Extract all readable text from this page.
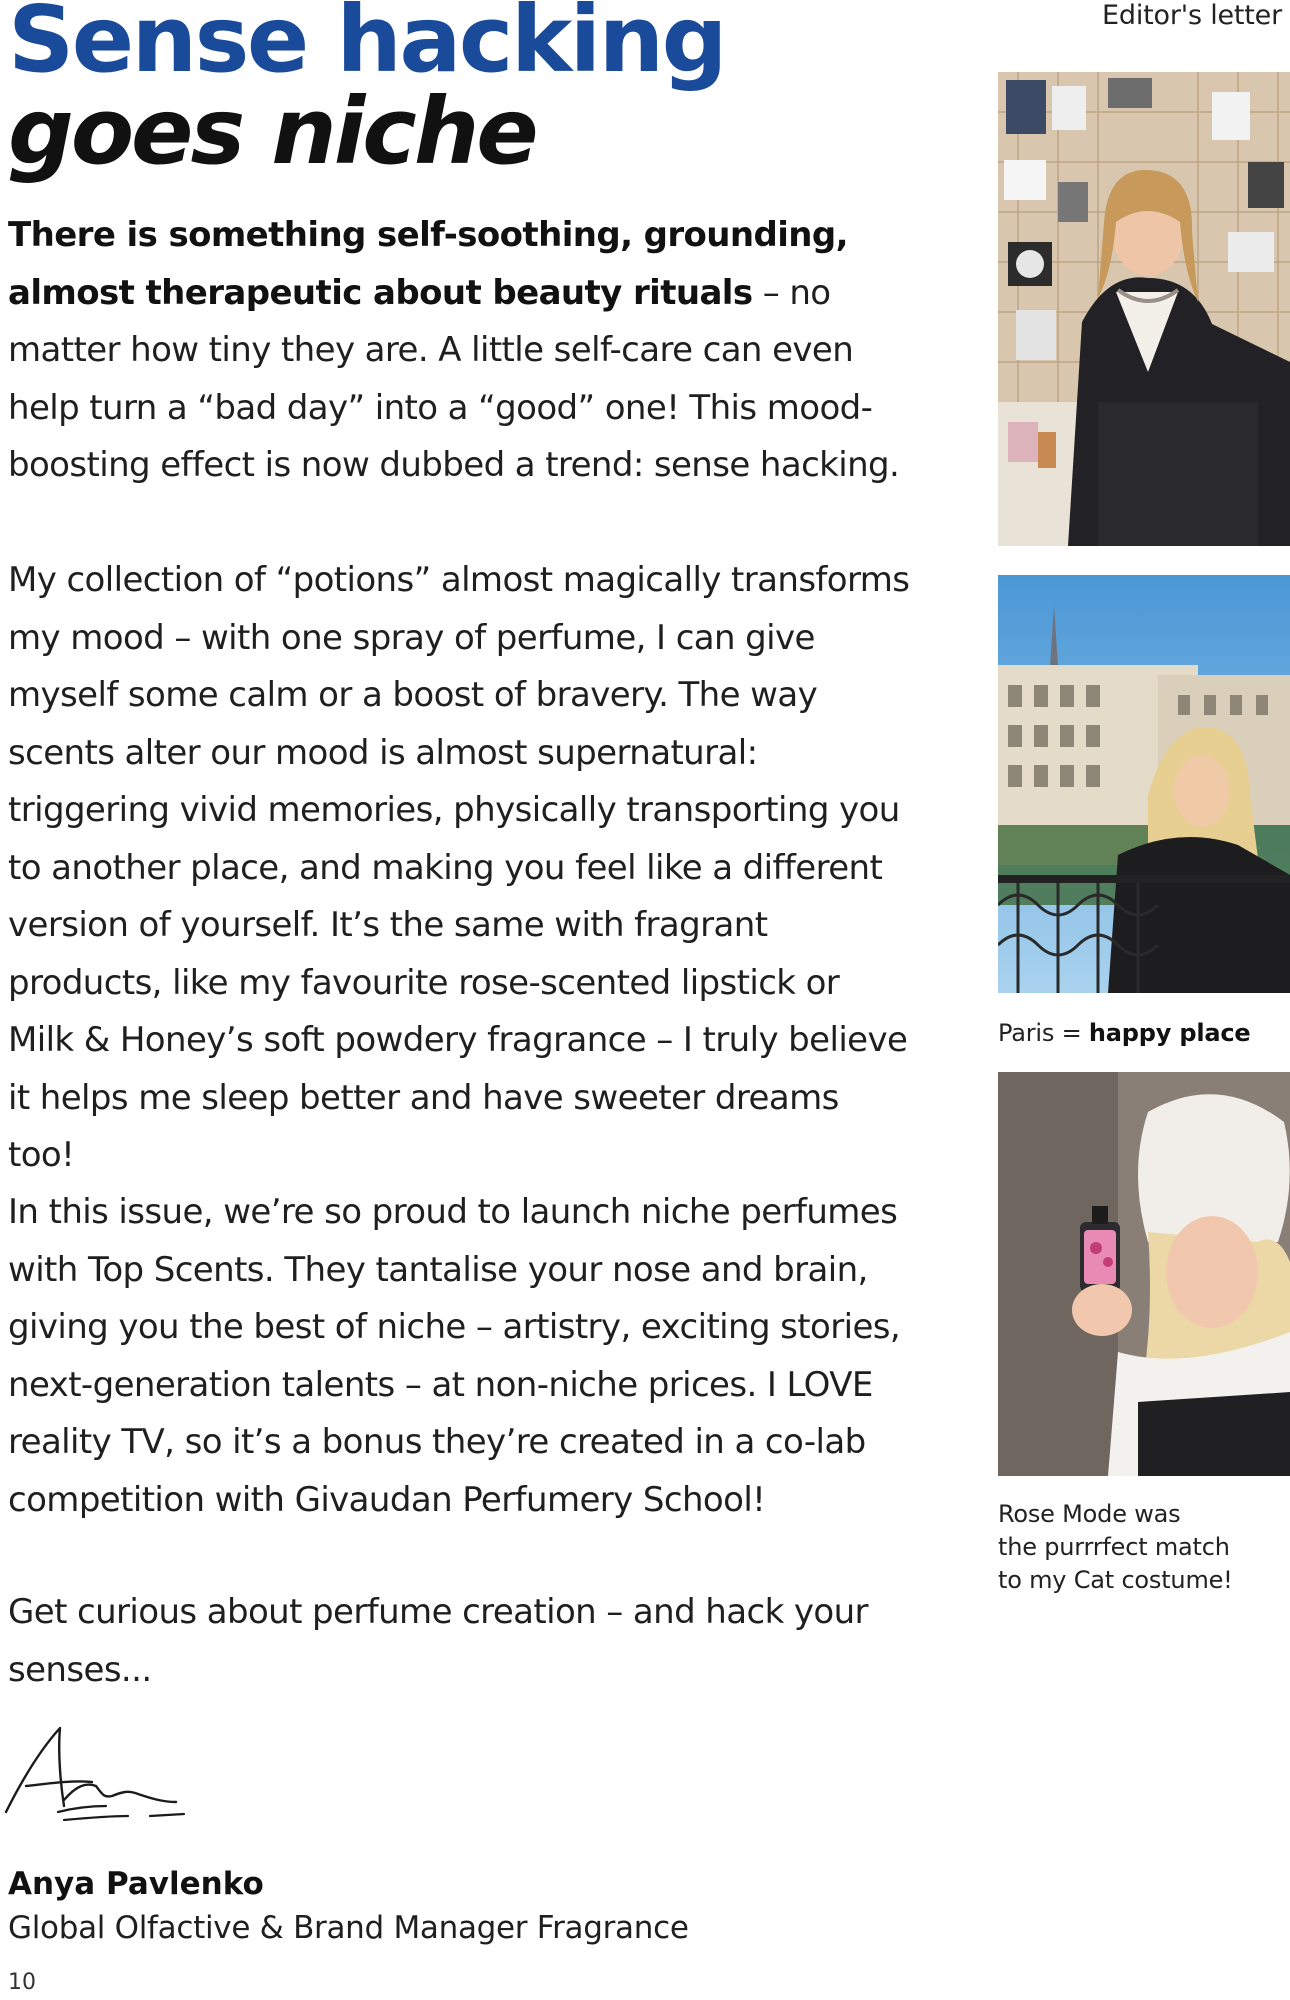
Editor's letter
Sense hacking
goes niche

There is something self-soothing, grounding, almost therapeutic about beauty rituals – no matter how tiny they are. A little self-care can even help turn a “bad day” into a “good” one! This mood-boosting effect is now dubbed a trend: sense hacking.

My collection of “potions” almost magically transforms my mood – with one spray of perfume, I can give myself some calm or a boost of bravery. The way scents alter our mood is almost supernatural: triggering vivid memories, physically transporting you to another place, and making you feel like a different version of yourself. It’s the same with fragrant products, like my favourite rose-scented lipstick or Milk & Honey’s soft powdery fragrance – I truly believe it helps me sleep better and have sweeter dreams too!

In this issue, we’re so proud to launch niche perfumes with Top Scents. They tantalise your nose and brain, giving you the best of niche – artistry, exciting stories, next-generation talents – at non-niche prices. I LOVE reality TV, so it’s a bonus they’re created in a co-lab competition with Givaudan Perfumery School!

Get curious about perfume creation – and hack your senses...

Anya Pavlenko
Global Olfactive & Brand Manager Fragrance
10
Paris = happy place
Rose Mode was
the purrrfect match
to my Cat costume!
